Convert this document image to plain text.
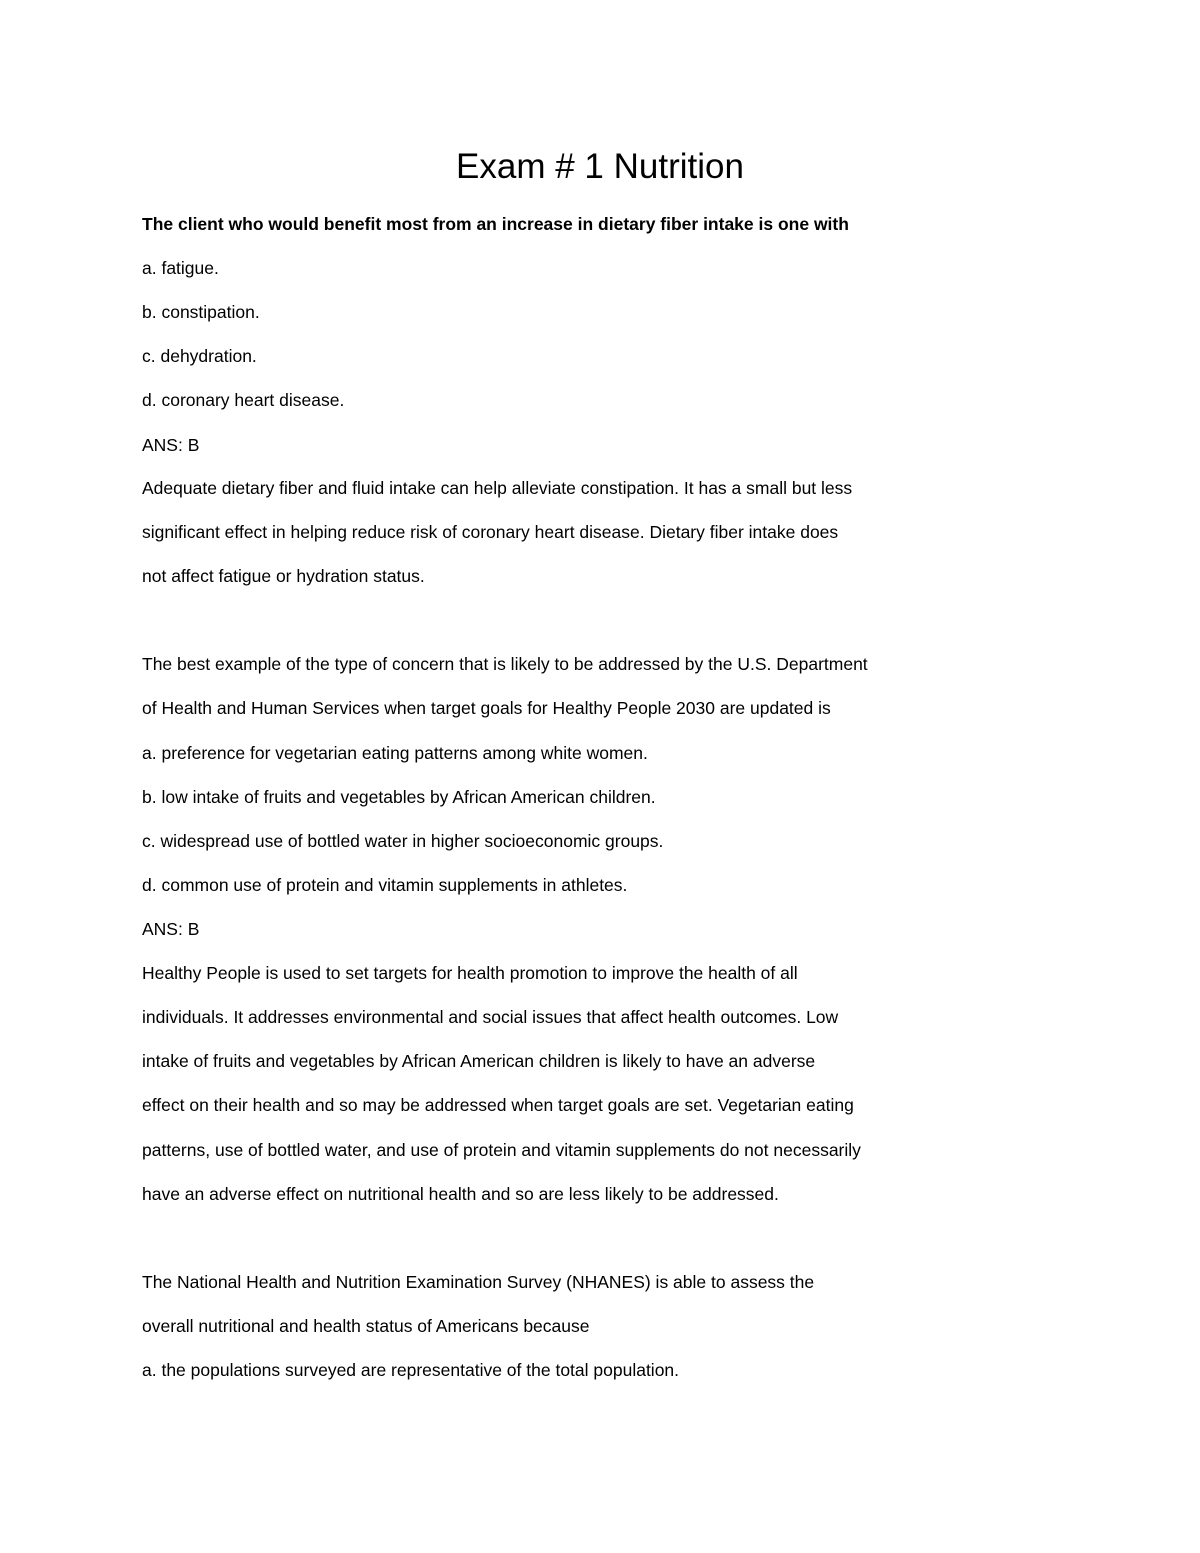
Exam # 1 Nutrition

The client who would benefit most from an increase in dietary fiber intake is one with

a. fatigue.

b. constipation.

c. dehydration.

d. coronary heart disease.

ANS: B

Adequate dietary fiber and fluid intake can help alleviate constipation. It has a small but less

significant effect in helping reduce risk of coronary heart disease. Dietary fiber intake does

not affect fatigue or hydration status.

The best example of the type of concern that is likely to be addressed by the U.S. Department

of Health and Human Services when target goals for Healthy People 2030 are updated is

a. preference for vegetarian eating patterns among white women.

b. low intake of fruits and vegetables by African American children.

c. widespread use of bottled water in higher socioeconomic groups.

d. common use of protein and vitamin supplements in athletes.

ANS: B

Healthy People is used to set targets for health promotion to improve the health of all

individuals. It addresses environmental and social issues that affect health outcomes. Low

intake of fruits and vegetables by African American children is likely to have an adverse

effect on their health and so may be addressed when target goals are set. Vegetarian eating

patterns, use of bottled water, and use of protein and vitamin supplements do not necessarily

have an adverse effect on nutritional health and so are less likely to be addressed.

The National Health and Nutrition Examination Survey (NHANES) is able to assess the

overall nutritional and health status of Americans because

a. the populations surveyed are representative of the total population.
